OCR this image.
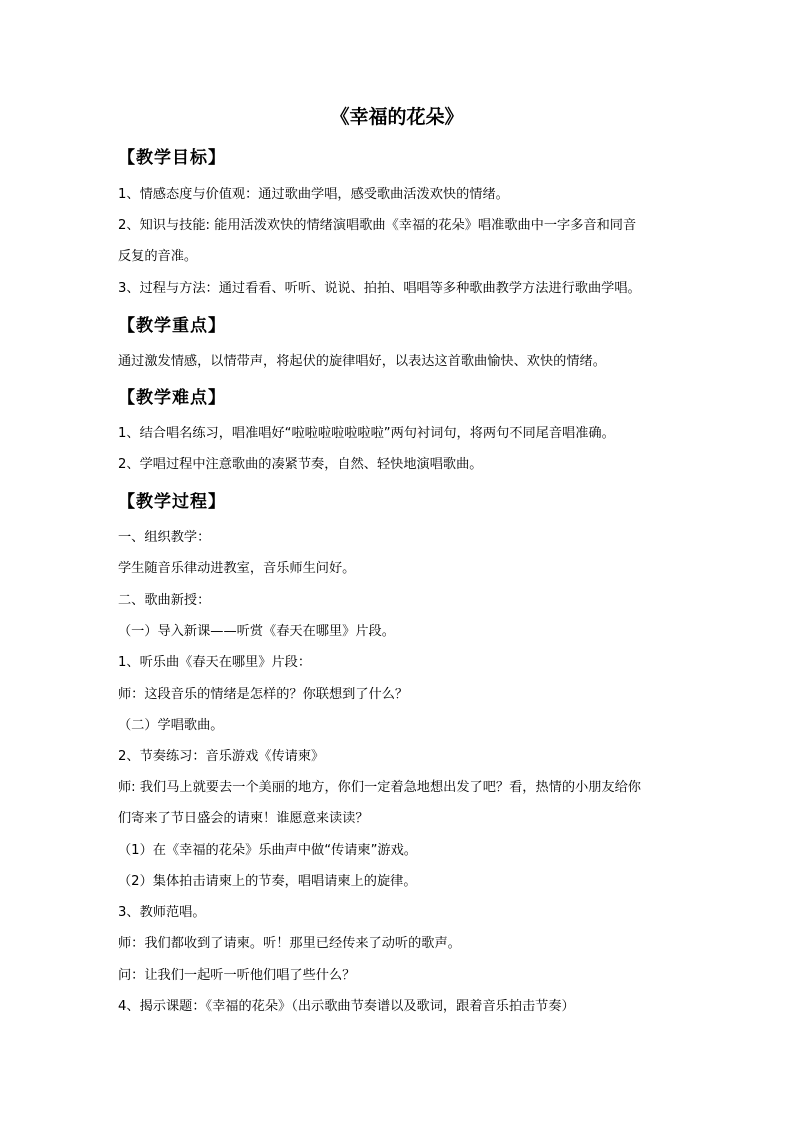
《幸福的花朵》
【教学目标】
1、情感态度与价值观：通过歌曲学唱，感受歌曲活泼欢快的情绪。
2、知识与技能: 能用活泼欢快的情绪演唱歌曲《幸福的花朵》唱准歌曲中一字多音和同音
反复的音准。
3、过程与方法：通过看看、听听、说说、拍拍、唱唱等多种歌曲教学方法进行歌曲学唱。
【教学重点】
通过激发情感，以情带声，将起伏的旋律唱好，以表达这首歌曲愉快、欢快的情绪。
【教学难点】
1、结合唱名练习，唱准唱好“啦啦啦啦啦啦啦”两句衬词句，将两句不同尾音唱准确。
2、学唱过程中注意歌曲的凑紧节奏，自然、轻快地演唱歌曲。
【教学过程】
一、组织教学：
学生随音乐律动进教室，音乐师生问好。
二、歌曲新授：
（一）导入新课——听赏《春天在哪里》片段。
1、听乐曲《春天在哪里》片段：
师：这段音乐的情绪是怎样的？你联想到了什么？
（二）学唱歌曲。
2、节奏练习：音乐游戏《传请柬》
师: 我们马上就要去一个美丽的地方，你们一定着急地想出发了吧？看，热情的小朋友给你
们寄来了节日盛会的请柬！谁愿意来读读？
（1）在《幸福的花朵》乐曲声中做“传请柬”游戏。
（2）集体拍击请柬上的节奏，唱唱请柬上的旋律。
3、教师范唱。
师：我们都收到了请柬。听！那里已经传来了动听的歌声。
问：让我们一起听一听他们唱了些什么？
4、揭示课题：《幸福的花朵》（出示歌曲节奏谱以及歌词，跟着音乐拍击节奏）
